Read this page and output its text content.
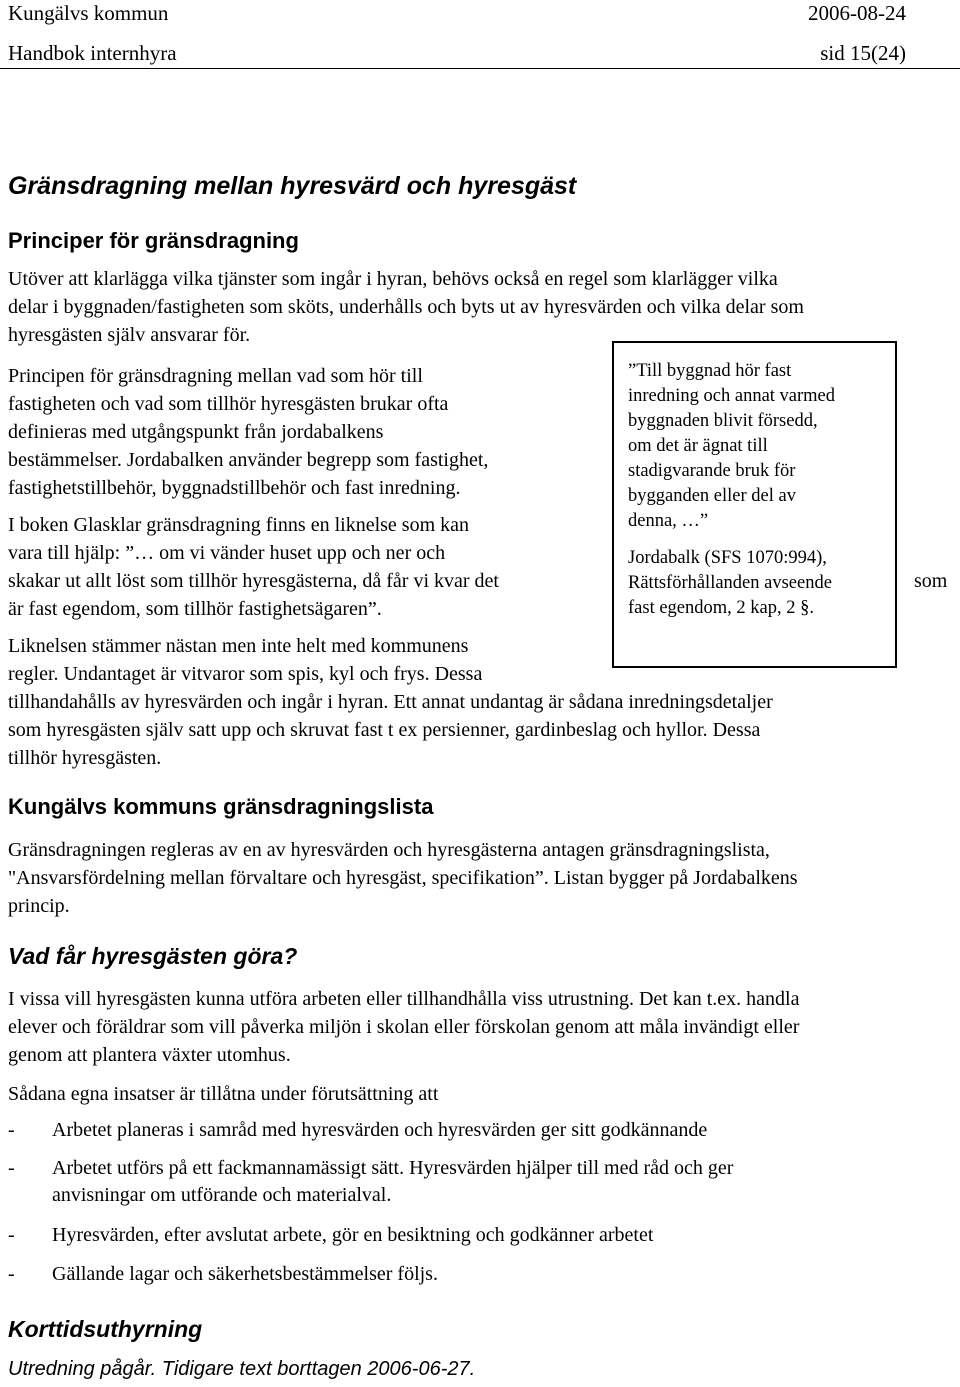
Kungälvs kommun	2006-08-24
Handbok internhyra	sid 15(24)
Gränsdragning mellan hyresvärd och hyresgäst
Principer för gränsdragning

Utöver att klarlägga vilka tjänster som ingår i hyran, behövs också en regel som klarlägger vilka

delar i byggnaden/fastigheten som sköts, underhålls och byts ut av hyresvärden och vilka delar som

hyresgästen själv ansvarar för.

Principen för gränsdragning mellan vad som hör till

fastigheten och vad som tillhör hyresgästen brukar ofta

definieras med utgångspunkt från jordabalkens

bestämmelser. Jordabalken använder begrepp som fastighet,

fastighetstillbehör, byggnadstillbehör och fast inredning.

I boken Glasklar gränsdragning finns en liknelse som kan

vara till hjälp: ”… om vi vänder huset upp och ner och

skakar ut allt löst som tillhör hyresgästerna, då får vi kvar det

är fast egendom, som tillhör fastighetsägaren”.

som

Liknelsen stämmer nästan men inte helt med kommunens

regler. Undantaget är vitvaror som spis, kyl och frys. Dessa

tillhandahålls av hyresvärden och ingår i hyran. Ett annat undantag är sådana inredningsdetaljer

som hyresgästen själv satt upp och skruvat fast t ex persienner, gardinbeslag och hyllor. Dessa

tillhör hyresgästen.

”Till byggnad hör fast
inredning och annat varmed
byggnaden blivit försedd,
om det är ägnat till
stadigvarande bruk för
bygganden eller del av
denna, …”
Jordabalk (SFS 1070:994),
Rättsförhållanden avseende
fast egendom, 2 kap, 2 §.
Kungälvs kommuns gränsdragningslista

Gränsdragningen regleras av en av hyresvärden och hyresgästerna antagen gränsdragningslista,

"Ansvarsfördelning mellan förvaltare och hyresgäst, specifikation”. Listan bygger på Jordabalkens

princip.

Vad får hyresgästen göra?

I vissa vill hyresgästen kunna utföra arbeten eller tillhandhålla viss utrustning. Det kan t.ex. handla

elever och föräldrar som vill påverka miljön i skolan eller förskolan genom att måla invändigt eller

genom att plantera växter utomhus.

Sådana egna insatser är tillåtna under förutsättning att
- Arbetet planeras i samråd med hyresvärden och hyresvärden ger sitt godkännande
- Arbetet utförs på ett fackmannamässigt sätt. Hyresvärden hjälper till med råd och ger
anvisningar om utförande och materialval.
- Hyresvärden, efter avslutat arbete, gör en besiktning och godkänner arbetet
- Gällande lagar och säkerhetsbestämmelser följs.
Korttidsuthyrning
Utredning pågår. Tidigare text borttagen 2006-06-27.
